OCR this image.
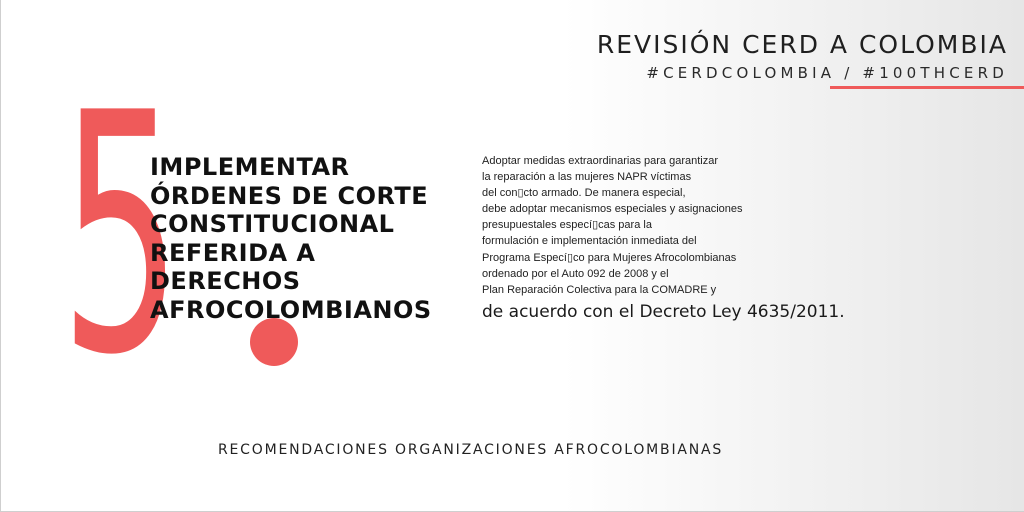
REVISIÓN CERD A COLOMBIA
#CERDCOLOMBIA / #100THCERD
5
IMPLEMENTAR
ÓRDENES DE CORTE
CONSTITUCIONAL
REFERIDA A
DERECHOS
AFROCOLOMBIANOS

Adoptar medidas extraordinarias para garantizar
la reparación a las mujeres NAPR víctimas
del con▯cto armado. De manera especial,
debe adoptar mecanismos especiales y asignaciones
presupuestales especí▯cas para la
formulación e implementación inmediata del
Programa Especí▯co para Mujeres Afrocolombianas
ordenado por el Auto 092 de 2008 y el
Plan Reparación Colectiva para la COMADRE y

de acuerdo con el Decreto Ley 4635/2011.
RECOMENDACIONES ORGANIZACIONES AFROCOLOMBIANAS
